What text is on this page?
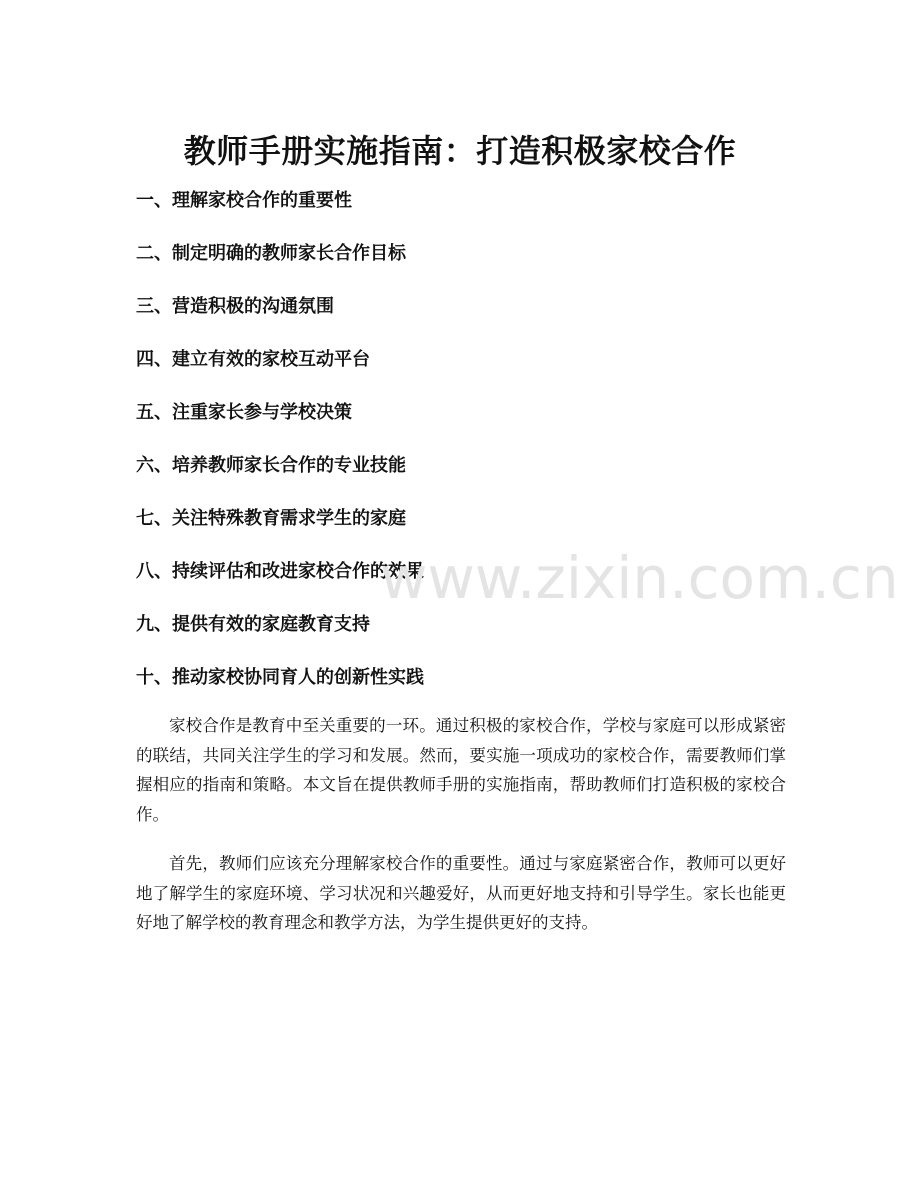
教师手册实施指南：打造积极家校合作
一、理解家校合作的重要性
二、制定明确的教师家长合作目标
三、营造积极的沟通氛围
四、建立有效的家校互动平台
五、注重家长参与学校决策
六、培养教师家长合作的专业技能
七、关注特殊教育需求学生的家庭
八、持续评估和改进家校合作的效果
九、提供有效的家庭教育支持
十、推动家校协同育人的创新性实践

家校合作是教育中至关重要的一环。通过积极的家校合作，学校与家庭可以形成紧密的联结，共同关注学生的学习和发展。然而，要实施一项成功的家校合作，需要教师们掌握相应的指南和策略。本文旨在提供教师手册的实施指南，帮助教师们打造积极的家校合作。

首先，教师们应该充分理解家校合作的重要性。通过与家庭紧密合作，教师可以更好地了解学生的家庭环境、学习状况和兴趣爱好，从而更好地支持和引导学生。家长也能更好地了解学校的教育理念和教学方法，为学生提供更好的支持。

www.zixin.com.cn
